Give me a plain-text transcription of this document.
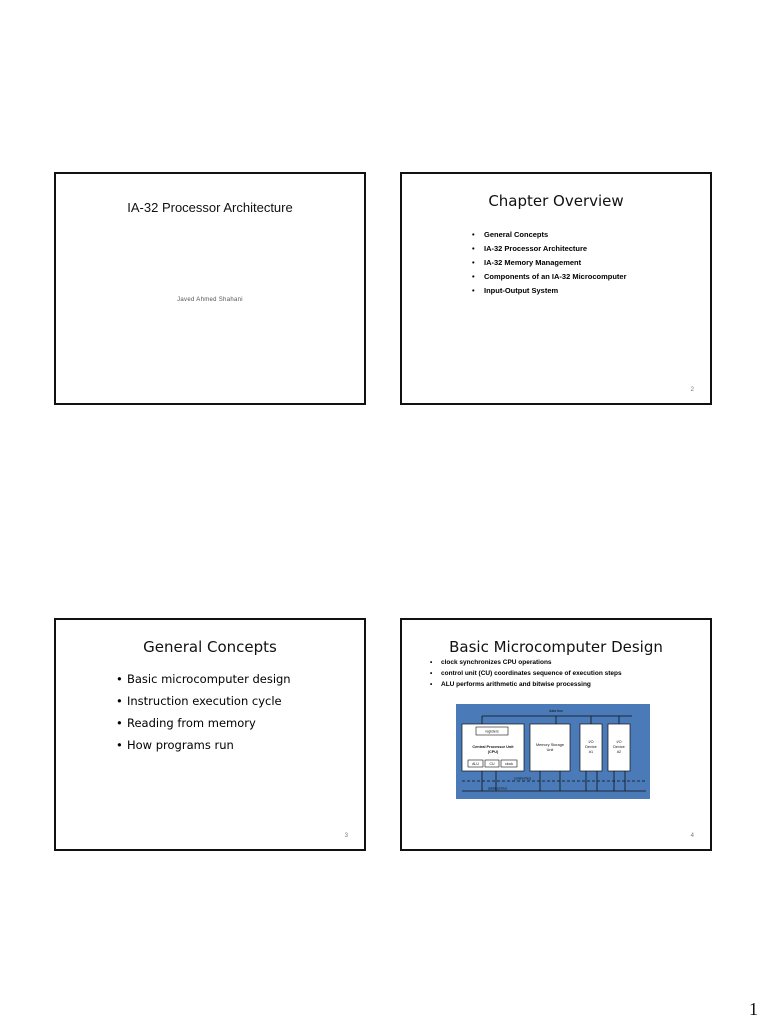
IA-32 Processor Architecture
Javed Ahmed Shahani
Chapter Overview
• General Concepts
• IA-32 Processor Architecture
• IA-32 Memory Management
• Components of an IA-32 Microcomputer
• Input-Output System
2
General Concepts
• Basic microcomputer design
• Instruction execution cycle
• Reading from memory
• How programs run
3
Basic Microcomputer Design
• clock synchronizes CPU operations
• control unit (CU) coordinates sequence of execution steps
• ALU performs arithmetic and bitwise processing
data bus
registers
Central Processor Unit
(CPU)
ALU	CU	clock
Memory Storage
Unit
I/O
Device
#1
I/O
Device
#2
control bus
address bus
4
1
